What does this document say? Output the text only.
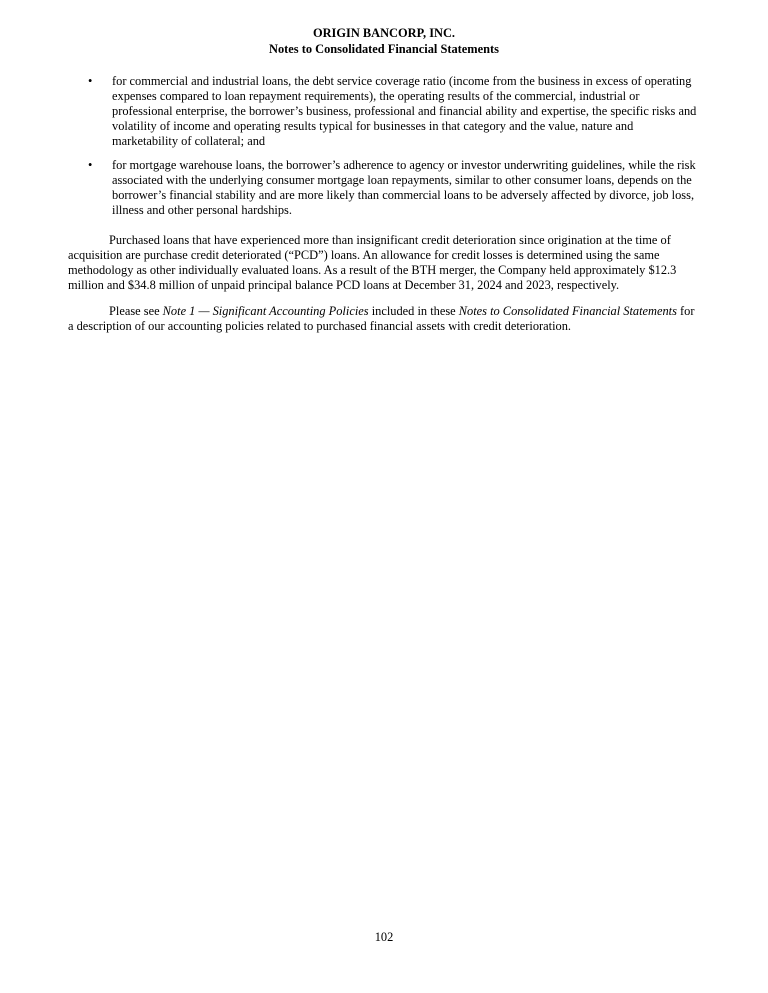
ORIGIN BANCORP, INC.
Notes to Consolidated Financial Statements
• for commercial and industrial loans, the debt service coverage ratio (income from the business in excess of operating expenses compared to loan repayment requirements), the operating results of the commercial, industrial or professional enterprise, the borrower’s business, professional and financial ability and expertise, the specific risks and volatility of income and operating results typical for businesses in that category and the value, nature and marketability of collateral; and
• for mortgage warehouse loans, the borrower’s adherence to agency or investor underwriting guidelines, while the risk associated with the underlying consumer mortgage loan repayments, similar to other consumer loans, depends on the borrower’s financial stability and are more likely than commercial loans to be adversely affected by divorce, job loss, illness and other personal hardships.

Purchased loans that have experienced more than insignificant credit deterioration since origination at the time of acquisition are purchase credit deteriorated (“PCD”) loans. An allowance for credit losses is determined using the same methodology as other individually evaluated loans. As a result of the BTH merger, the Company held approximately $12.3 million and $34.8 million of unpaid principal balance PCD loans at December 31, 2024 and 2023, respectively.

Please see Note 1 — Significant Accounting Policies included in these Notes to Consolidated Financial Statements for a description of our accounting policies related to purchased financial assets with credit deterioration.

102
